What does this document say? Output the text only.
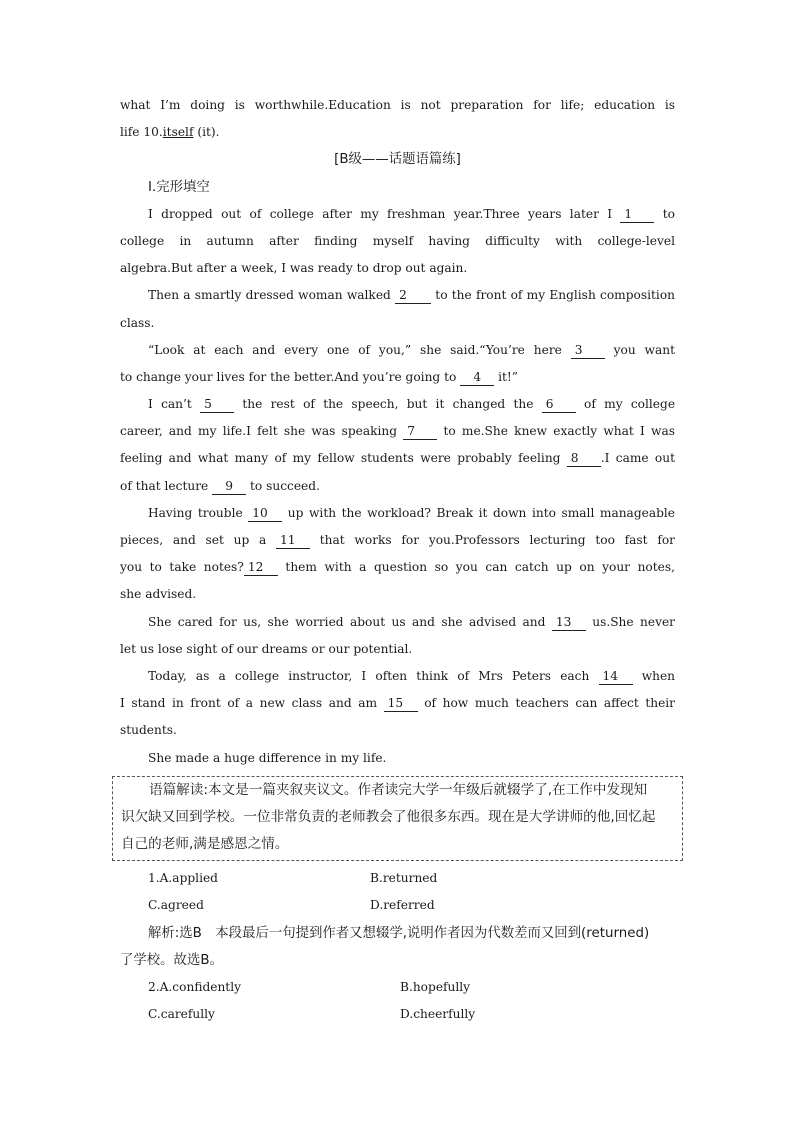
what I’m doing is worthwhile.Education is not preparation for life; education is
life 10.itself (it).
[B级——话题语篇练]
Ⅰ.完形填空
I dropped out of college after my freshman year.Three years later I 1	to
college in autumn after finding myself having difficulty with college-level
algebra.But after a week, I was ready to drop out again.
Then a smartly dressed woman walked 2 to the front of my English composition
class.
“Look at each and every one of you,” she said.“You’re here 3	you want
to change your lives for the better.And you’re going to 4 it!”
I can’t 5	the rest of the speech, but it changed the 6	of my college
career, and my life.I felt she was speaking 7 to me.She knew exactly what I was
feeling and what many of my fellow students were probably feeling 8 .I came out
of that lecture 9 to succeed.
Having trouble 10 up with the workload? Break it down into small manageable
pieces, and set up a 11 that works for you.Professors lecturing too fast for
you to take notes? 12 them with a question so you can catch up on your notes,
she advised.
She cared for us, she worried about us and she advised and 13 us.She never
let us lose sight of our dreams or our potential.
Today, as a college instructor, I often think of Mrs Peters each 14 when
I stand in front of a new class and am 15 of how much teachers can affect their
students.
She made a huge difference in my life.
语篇解读:本文是一篇夹叙夹议文。作者读完大学一年级后就辍学了,在工作中发现知
识欠缺又回到学校。一位非常负责的老师教会了他很多东西。现在是大学讲师的他,回忆起
自己的老师,满是感恩之情。
1.A.applied	B.returned
C.agreed	D.referred
解析:选B　本段最后一句提到作者又想辍学,说明作者因为代数差而又回到(returned)
了学校。故选B。
2.A.confidently	B.hopefully
C.carefully	D.cheerfully
